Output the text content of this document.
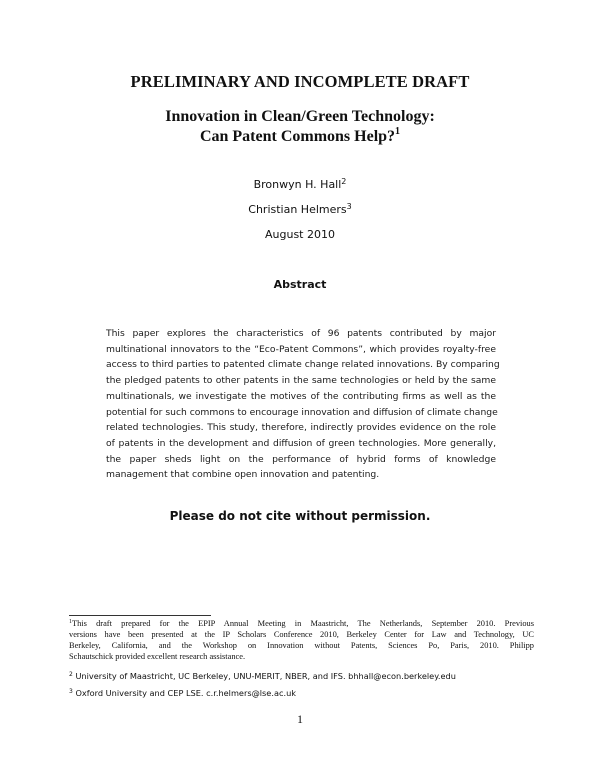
PRELIMINARY AND INCOMPLETE DRAFT
Innovation in Clean/Green Technology:
Can Patent Commons Help?$^1$
Bronwyn H. Hall$^2$
Christian Helmers$^3$
August 2010
Abstract
This paper explores the characteristics of 96 patents contributed by major
multinational innovators to the “Eco-Patent Commons”, which provides royalty-free
access to third parties to patented climate change related innovations. By comparing
the pledged patents to other patents in the same technologies or held by the same
multinationals, we investigate the motives of the contributing firms as well as the
potential for such commons to encourage innovation and diffusion of climate change
related technologies. This study, therefore, indirectly provides evidence on the role
of patents in the development and diffusion of green technologies. More generally,
the paper sheds light on the performance of hybrid forms of knowledge
management that combine open innovation and patenting.
Please do not cite without permission.
$^1$This draft prepared for the EPIP Annual Meeting in Maastricht, The Netherlands, September 2010. Previous
versions have been presented at the IP Scholars Conference 2010, Berkeley Center for Law and Technology, UC
Berkeley, California, and the Workshop on Innovation without Patents, Sciences Po, Paris, 2010. Philipp
Schautschick provided excellent research assistance.
$^2$ University of Maastricht, UC Berkeley, UNU-MERIT, NBER, and IFS. bhhall@econ.berkeley.edu
$^3$ Oxford University and CEP LSE. c.r.helmers@lse.ac.uk
1
